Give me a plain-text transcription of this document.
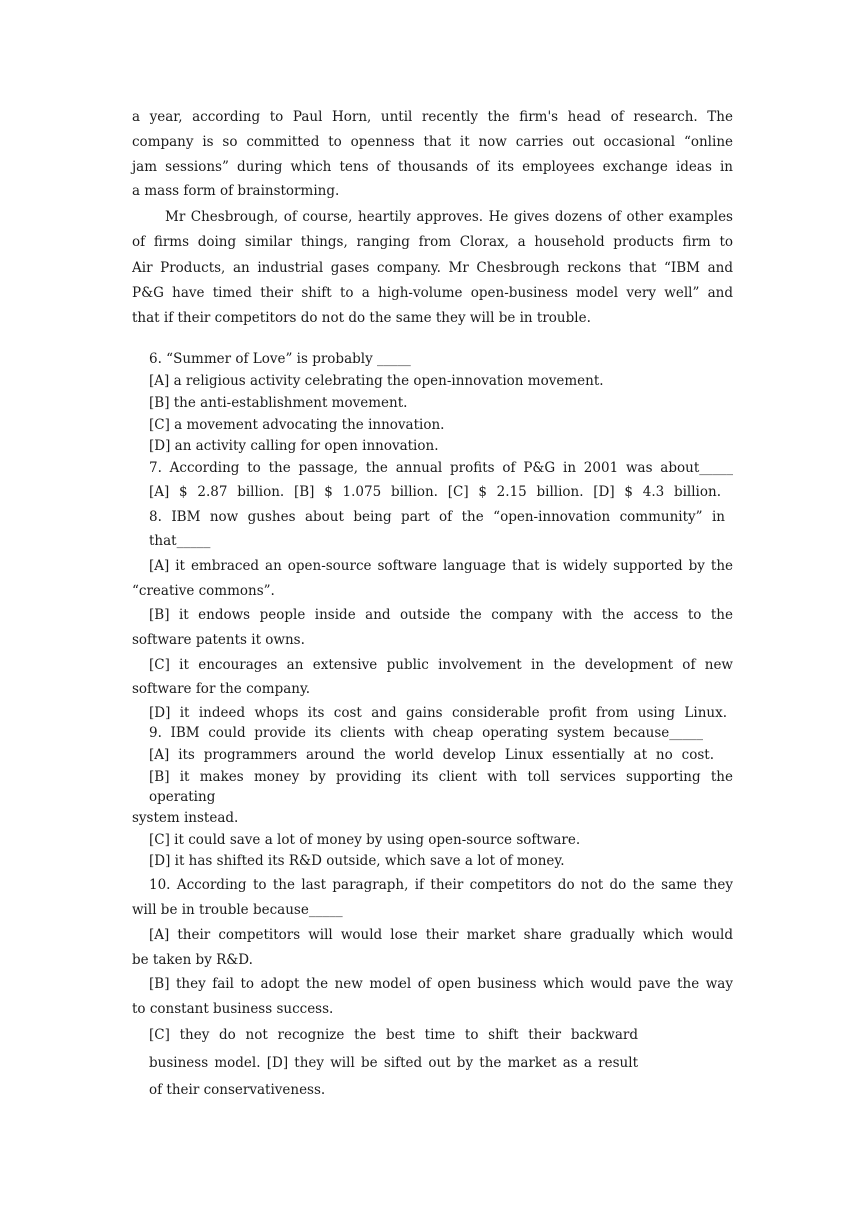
a year, according to Paul Horn, until recently the firm's head of research. The
company is so committed to openness that it now carries out occasional “online
jam sessions” during which tens of thousands of its employees exchange ideas in
a mass form of brainstorming.
Mr Chesbrough, of course, heartily approves. He gives dozens of other examples
of firms doing similar things, ranging from Clorax, a household products firm to
Air Products, an industrial gases company. Mr Chesbrough reckons that “IBM and
P&G have timed their shift to a high-volume open-business model very well” and
that if their competitors do not do the same they will be in trouble.
6. “Summer of Love” is probably _____
[A] a religious activity celebrating the open-innovation movement.
[B] the anti-establishment movement.
[C] a movement advocating the innovation.
[D] an activity calling for open innovation.
7. According to the passage, the annual profits of P&G in 2001 was about_____
[A] $ 2.87 billion. [B] $ 1.075 billion. [C] $ 2.15 billion. [D] $ 4.3 billion.
8. IBM now gushes about being part of the “open-innovation community” in
that_____
[A] it embraced an open-source software language that is widely supported by the
“creative commons”.
[B] it endows people inside and outside the company with the access to the
software patents it owns.
[C] it encourages an extensive public involvement in the development of new
software for the company.
[D] it indeed whops its cost and gains considerable profit from using Linux.
9. IBM could provide its clients with cheap operating system because_____
[A] its programmers around the world develop Linux essentially at no cost.
[B] it makes money by providing its client with toll services supporting the
operating
system instead.
[C] it could save a lot of money by using open-source software.
[D] it has shifted its R&D outside, which save a lot of money.
10. According to the last paragraph, if their competitors do not do the same they
will be in trouble because_____
[A] their competitors will would lose their market share gradually which would
be taken by R&D.
[B] they fail to adopt the new model of open business which would pave the way
to constant business success.
[C] they do not recognize the best time to shift their backward
business model. [D] they will be sifted out by the market as a result
of their conservativeness.
